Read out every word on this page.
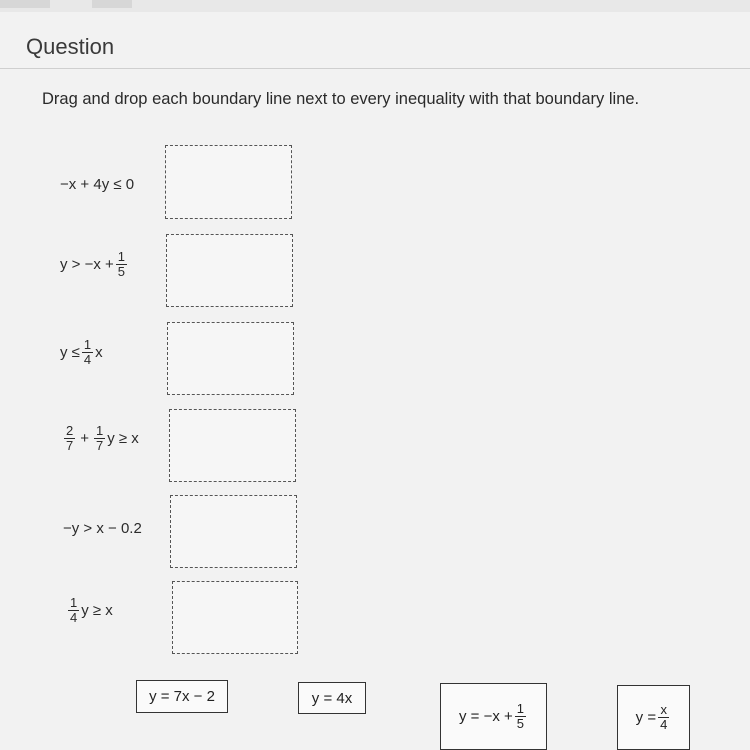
Question
Drag and drop each boundary line next to every inequality with that boundary line.
−x + 4y ≤ 0
$y > -x + \frac{1}{5}$
$y \le \frac{1}{4}$ x
$\frac{2}{7} + \frac{1}{7}$ y ≥ x
−y > x − 0.2
$\frac{1}{4}$ y ≥ x
y = 7x − 2	y = 4x
$y = -x + \frac{1}{5}$	$y = \frac{x}{4}$
